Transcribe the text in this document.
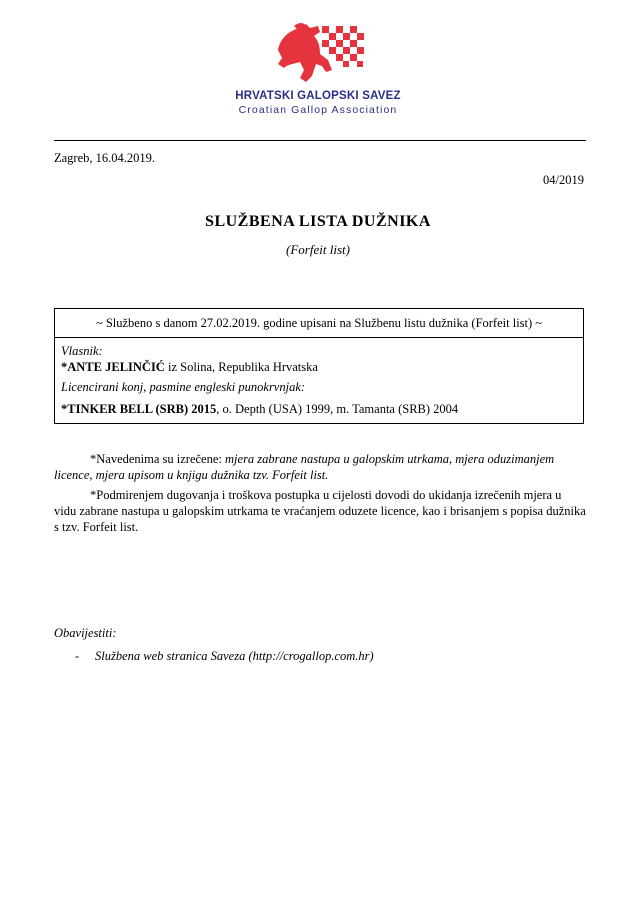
HRVATSKI GALOPSKI SAVEZ
Croatian Gallop Association
Zagreb, 16.04.2019.
04/2019
SLUŽBENA LISTA DUŽNIKA
(Forfeit list)
~ Službeno s danom 27.02.2019. godine upisani na Službenu listu dužnika (Forfeit list) ~
Vlasnik:
*ANTE JELINČIĆ iz Solina, Republika Hrvatska
Licencirani konj, pasmine engleski punokrvnjak:
*TINKER BELL (SRB) 2015, o. Depth (USA) 1999, m. Tamanta (SRB) 2004
*Navedenima su izrečene: mjera zabrane nastupa u galopskim utrkama, mjera oduzimanjem licence, mjera upisom u knjigu dužnika tzv. Forfeit list.
*Podmirenjem dugovanja i troškova postupka u cijelosti dovodi do ukidanja izrečenih mjera u vidu zabrane nastupa u galopskim utrkama te vraćanjem oduzete licence, kao i brisanjem s popisa dužnika s tzv. Forfeit list.
Obavijestiti:
- Službena web stranica Saveza (http://crogallop.com.hr)
